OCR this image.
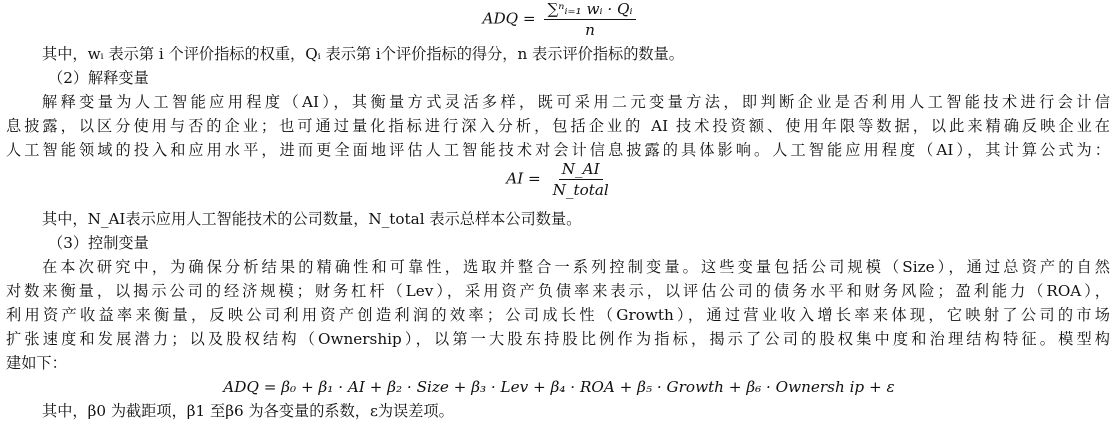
ADQ = $\frac{\text{∑ⁿᵢ₌₁ wᵢ · Qᵢ}}{n}$
其中，wᵢ 表示第 i 个评价指标的权重，Qᵢ 表示第 i个评价指标的得分，n 表示评价指标的数量。
（2）解释变量
解释变量为人工智能应用程度（AI），其衡量方式灵活多样，既可采用二元变量方法，即判断企业是否利用人工智能技术进行会计信
息披露，以区分使用与否的企业；也可通过量化指标进行深入分析，包括企业的 AI 技术投资额、使用年限等数据，以此来精确反映企业在
人工智能领域的投入和应用水平，进而更全面地评估人工智能技术对会计信息披露的具体影响。人工智能应用程度（AI），其计算公式为：
AI = $\frac{N\_AI}{\text{N\_total}}$
其中，N_AI表示应用人工智能技术的公司数量，N_total 表示总样本公司数量。
（3）控制变量
在本次研究中，为确保分析结果的精确性和可靠性，选取并整合一系列控制变量。这些变量包括公司规模（Size），通过总资产的自然
对数来衡量，以揭示公司的经济规模；财务杠杆（Lev），采用资产负债率来表示，以评估公司的债务水平和财务风险；盈利能力（ROA），
利用资产收益率来衡量，反映公司利用资产创造利润的效率；公司成长性（Growth），通过营业收入增长率来体现，它映射了公司的市场
扩张速度和发展潜力；以及股权结构（Ownership），以第一大股东持股比例作为指标，揭示了公司的股权集中度和治理结构特征。模型构
建如下：
ADQ = β₀ + β₁ · AI + β₂ · Size + β₃ · Lev + β₄ · ROA + β₅ · Growth + β₆ · Ownersh ip + ε
其中，β0 为截距项，β1 至β6 为各变量的系数，ε为误差项。
